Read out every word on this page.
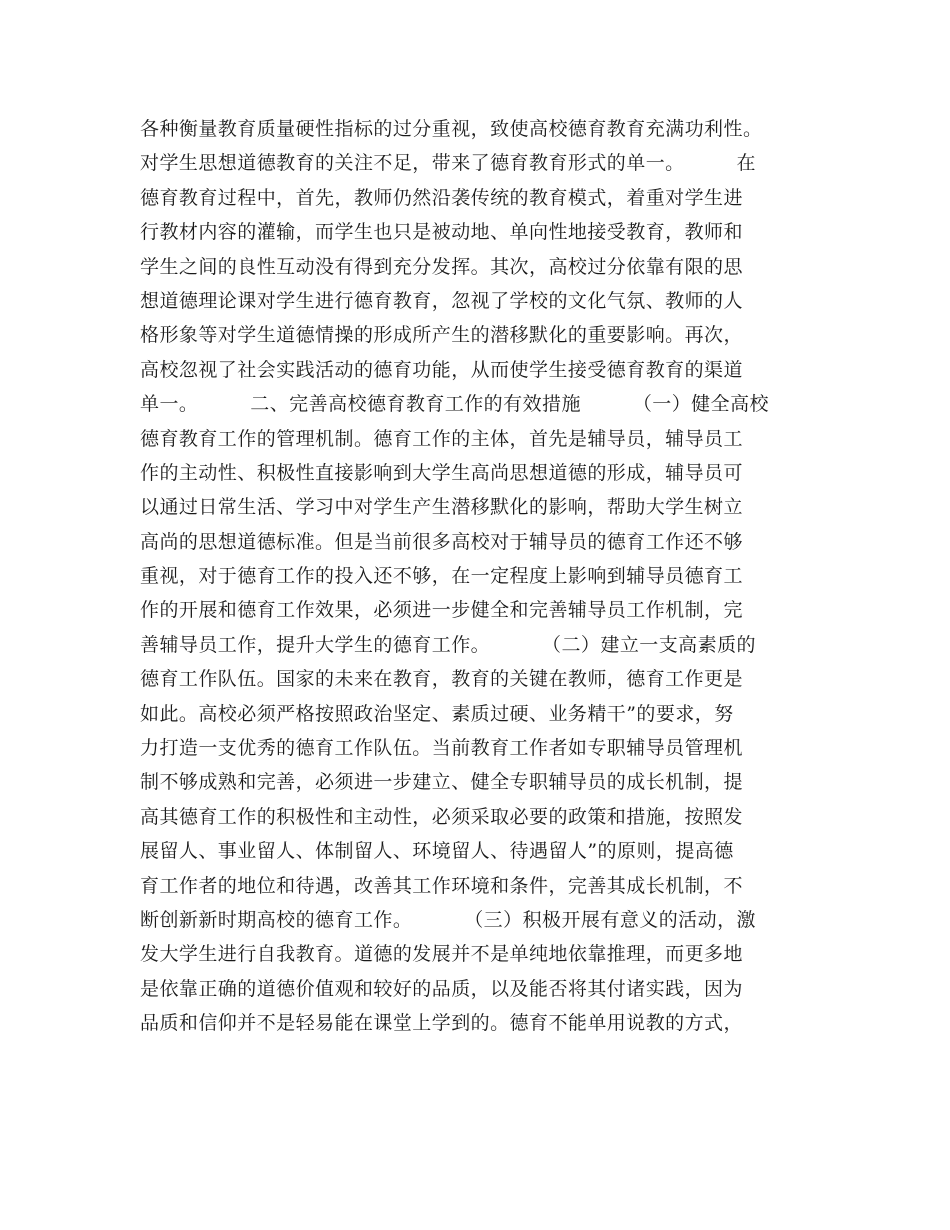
各种衡量教育质量硬性指标的过分重视，致使高校德育教育充满功利性。
对学生思想道德教育的关注不足，带来了德育教育形式的单一。        在
德育教育过程中，首先，教师仍然沿袭传统的教育模式，着重对学生进
行教材内容的灌输，而学生也只是被动地、单向性地接受教育，教师和
学生之间的良性互动没有得到充分发挥。其次，高校过分依靠有限的思
想道德理论课对学生进行德育教育，忽视了学校的文化气氛、教师的人
格形象等对学生道德情操的形成所产生的潜移默化的重要影响。再次，
高校忽视了社会实践活动的德育功能，从而使学生接受德育教育的渠道
单一。        二、完善高校德育教育工作的有效措施        （一）健全高校
德育教育工作的管理机制。德育工作的主体，首先是辅导员，辅导员工
作的主动性、积极性直接影响到大学生高尚思想道德的形成，辅导员可
以通过日常生活、学习中对学生产生潜移默化的影响，帮助大学生树立
高尚的思想道德标准。但是当前很多高校对于辅导员的德育工作还不够
重视，对于德育工作的投入还不够，在一定程度上影响到辅导员德育工
作的开展和德育工作效果，必须进一步健全和完善辅导员工作机制，完
善辅导员工作，提升大学生的德育工作。        （二）建立一支高素质的
德育工作队伍。国家的未来在教育，教育的关键在教师，德育工作更是
如此。高校必须严格按照政治坚定、素质过硬、业务精干”的要求，努
力打造一支优秀的德育工作队伍。当前教育工作者如专职辅导员管理机
制不够成熟和完善，必须进一步建立、健全专职辅导员的成长机制，提
高其德育工作的积极性和主动性，必须采取必要的政策和措施，按照发
展留人、事业留人、体制留人、环境留人、待遇留人”的原则，提高德
育工作者的地位和待遇，改善其工作环境和条件，完善其成长机制，不
断创新新时期高校的德育工作。        （三）积极开展有意义的活动，激
发大学生进行自我教育。道德的发展并不是单纯地依靠推理，而更多地
是依靠正确的道德价值观和较好的品质，以及能否将其付诸实践，因为
品质和信仰并不是轻易能在课堂上学到的。德育不能单用说教的方式，
